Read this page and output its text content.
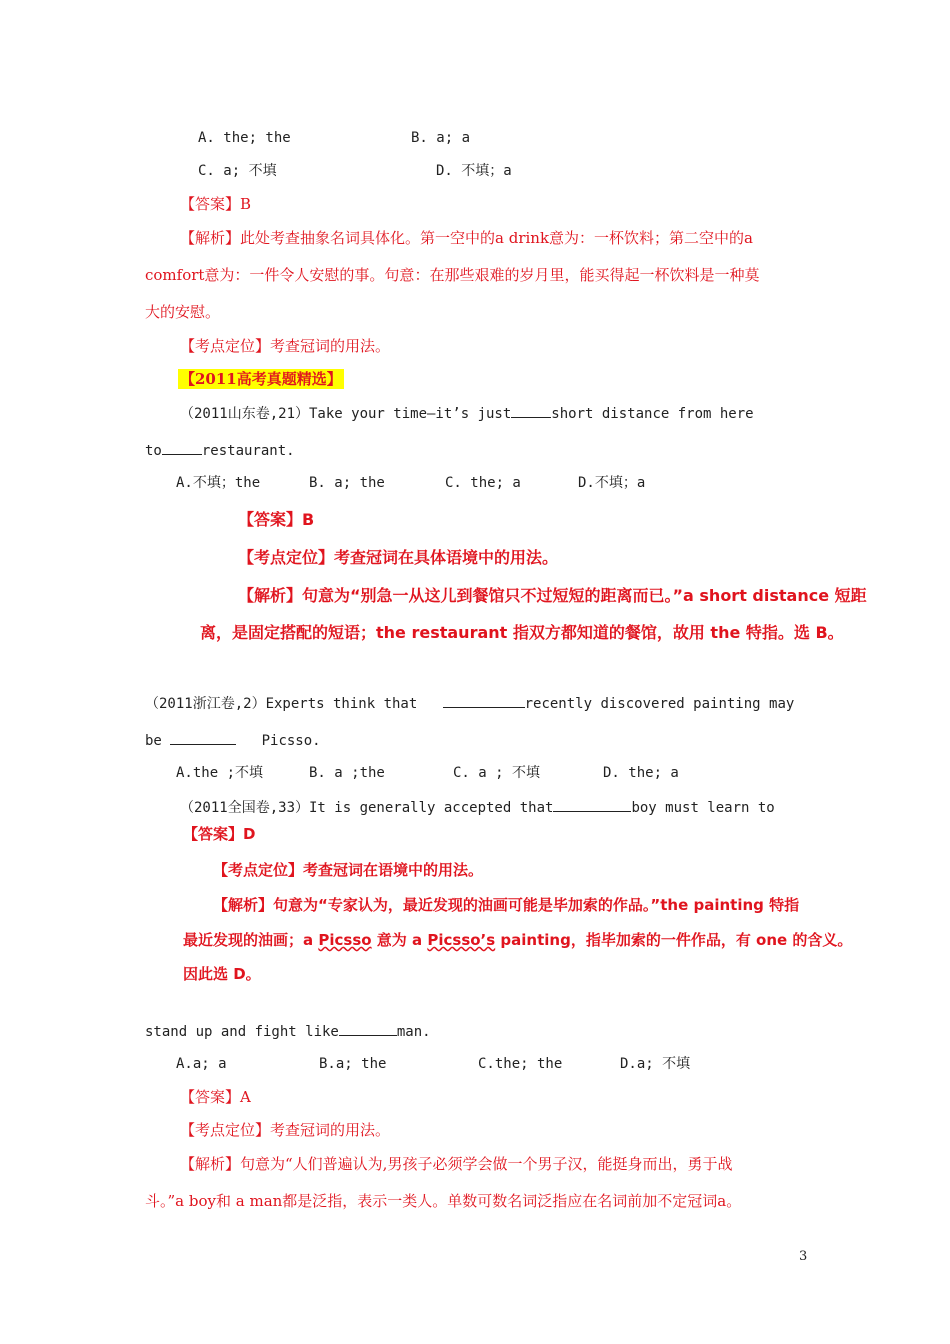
A. the; the	B. a; a
C. a; 不填	D. 不填；a
【答案】B
【解析】此处考查抽象名词具体化。第一空中的a drink意为：一杯饮料；第二空中的a
comfort意为：一件令人安慰的事。句意：在那些艰难的岁月里，能买得起一杯饮料是一种莫
大的安慰。
【考点定位】考查冠词的用法。
【2011高考真题精选】
（2011山东卷,21）Take your time—it’s just	short distance from here
to	restaurant.
A.不填；the	B. a; the	C. the; a	D.不填；a
【答案】B
【考点定位】考查冠词在具体语境中的用法。
【解析】句意为“别急一从这儿到餐馆只不过短短的距离而已。”a short distance 短距
离，是固定搭配的短语；the restaurant 指双方都知道的餐馆，故用 the 特指。选 B。
（2011浙江卷,2）Experts think that	recently discovered painting may
be	Picsso.
A.the ;不填	B. a ;the	C. a ; 不填	D. the; a
（2011全国卷,33）It is generally accepted that	boy must learn to
【答案】D
【考点定位】考查冠词在语境中的用法。
【解析】句意为“专家认为，最近发现的油画可能是毕加索的作品。”the painting 特指
最近发现的油画；a Picsso 意为 a Picsso’s painting，指毕加索的一件作品，有 one 的含义。
因此选 D。
stand up and fight like	man.
A.a; a	B.a; the	C.the; the	D.a; 不填
【答案】A
【考点定位】考查冠词的用法。
【解析】句意为“人们普遍认为,男孩子必须学会做一个男子汉，能挺身而出，勇于战
斗。”a boy和 a man都是泛指，表示一类人。单数可数名词泛指应在名词前加不定冠词a。
3
